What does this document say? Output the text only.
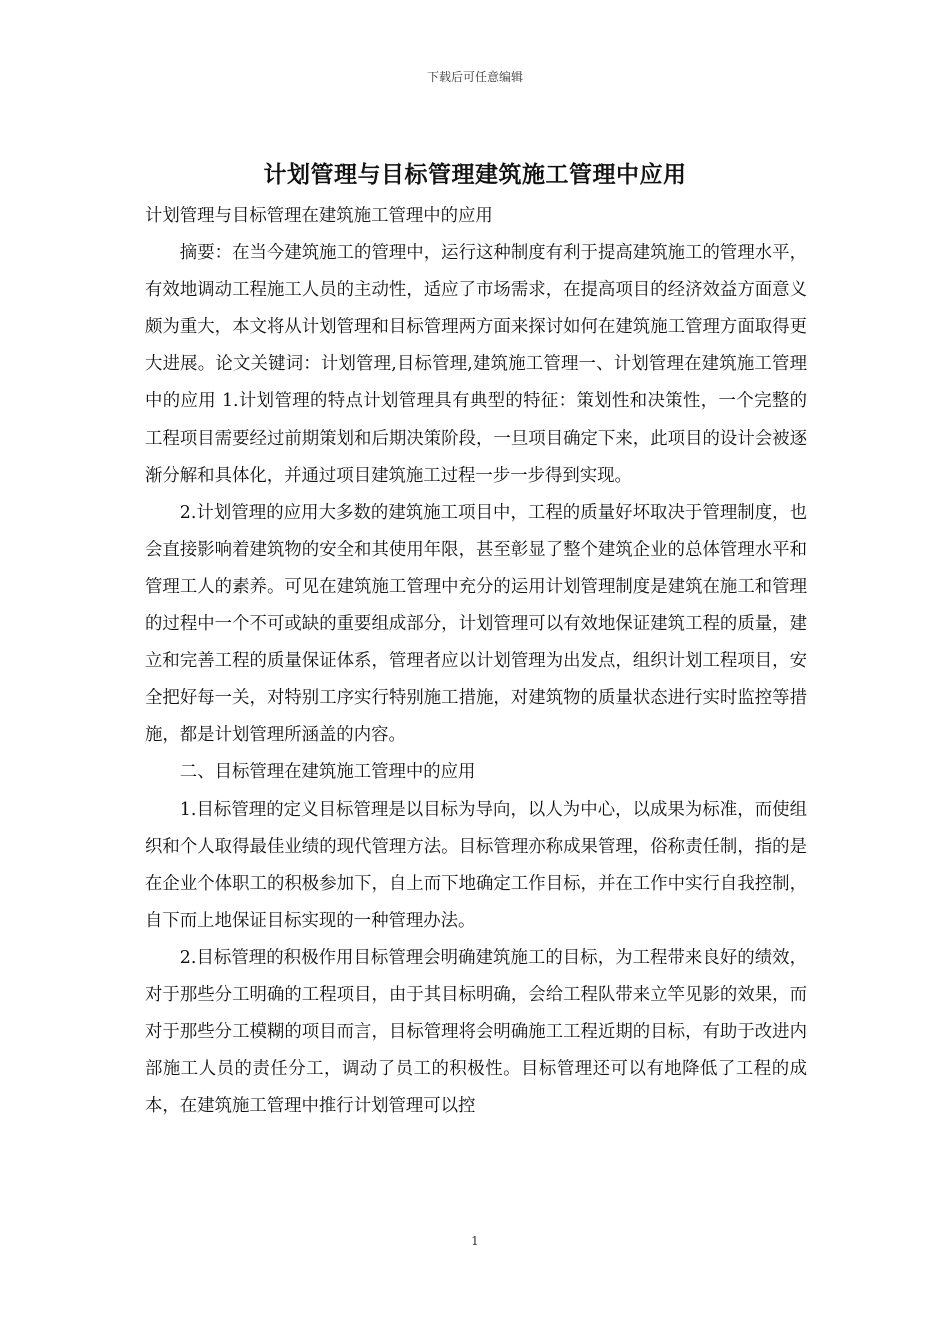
下载后可任意编辑
计划管理与目标管理建筑施工管理中应用

计划管理与目标管理在建筑施工管理中的应用

摘要：在当今建筑施工的管理中，运行这种制度有利于提高建筑施工的管理水平，有效地调动工程施工人员的主动性，适应了市场需求，在提高项目的经济效益方面意义颇为重大，本文将从计划管理和目标管理两方面来探讨如何在建筑施工管理方面取得更大进展。论文关键词：计划管理,目标管理,建筑施工管理一、计划管理在建筑施工管理中的应用 1.计划管理的特点计划管理具有典型的特征：策划性和决策性，一个完整的工程项目需要经过前期策划和后期决策阶段，一旦项目确定下来，此项目的设计会被逐渐分解和具体化，并通过项目建筑施工过程一步一步得到实现。

2.计划管理的应用大多数的建筑施工项目中，工程的质量好坏取决于管理制度，也会直接影响着建筑物的安全和其使用年限，甚至彰显了整个建筑企业的总体管理水平和管理工人的素养。可见在建筑施工管理中充分的运用计划管理制度是建筑在施工和管理的过程中一个不可或缺的重要组成部分，计划管理可以有效地保证建筑工程的质量，建立和完善工程的质量保证体系，管理者应以计划管理为出发点，组织计划工程项目，安全把好每一关，对特别工序实行特别施工措施，对建筑物的质量状态进行实时监控等措施，都是计划管理所涵盖的内容。

二、目标管理在建筑施工管理中的应用

1.目标管理的定义目标管理是以目标为导向，以人为中心，以成果为标准，而使组织和个人取得最佳业绩的现代管理方法。目标管理亦称成果管理，俗称责任制，指的是在企业个体职工的积极参加下，自上而下地确定工作目标，并在工作中实行自我控制，自下而上地保证目标实现的一种管理办法。

2.目标管理的积极作用目标管理会明确建筑施工的目标，为工程带来良好的绩效，对于那些分工明确的工程项目，由于其目标明确，会给工程队带来立竿见影的效果，而对于那些分工模糊的项目而言，目标管理将会明确施工工程近期的目标，有助于改进内部施工人员的责任分工，调动了员工的积极性。目标管理还可以有地降低了工程的成本，在建筑施工管理中推行计划管理可以控

1
